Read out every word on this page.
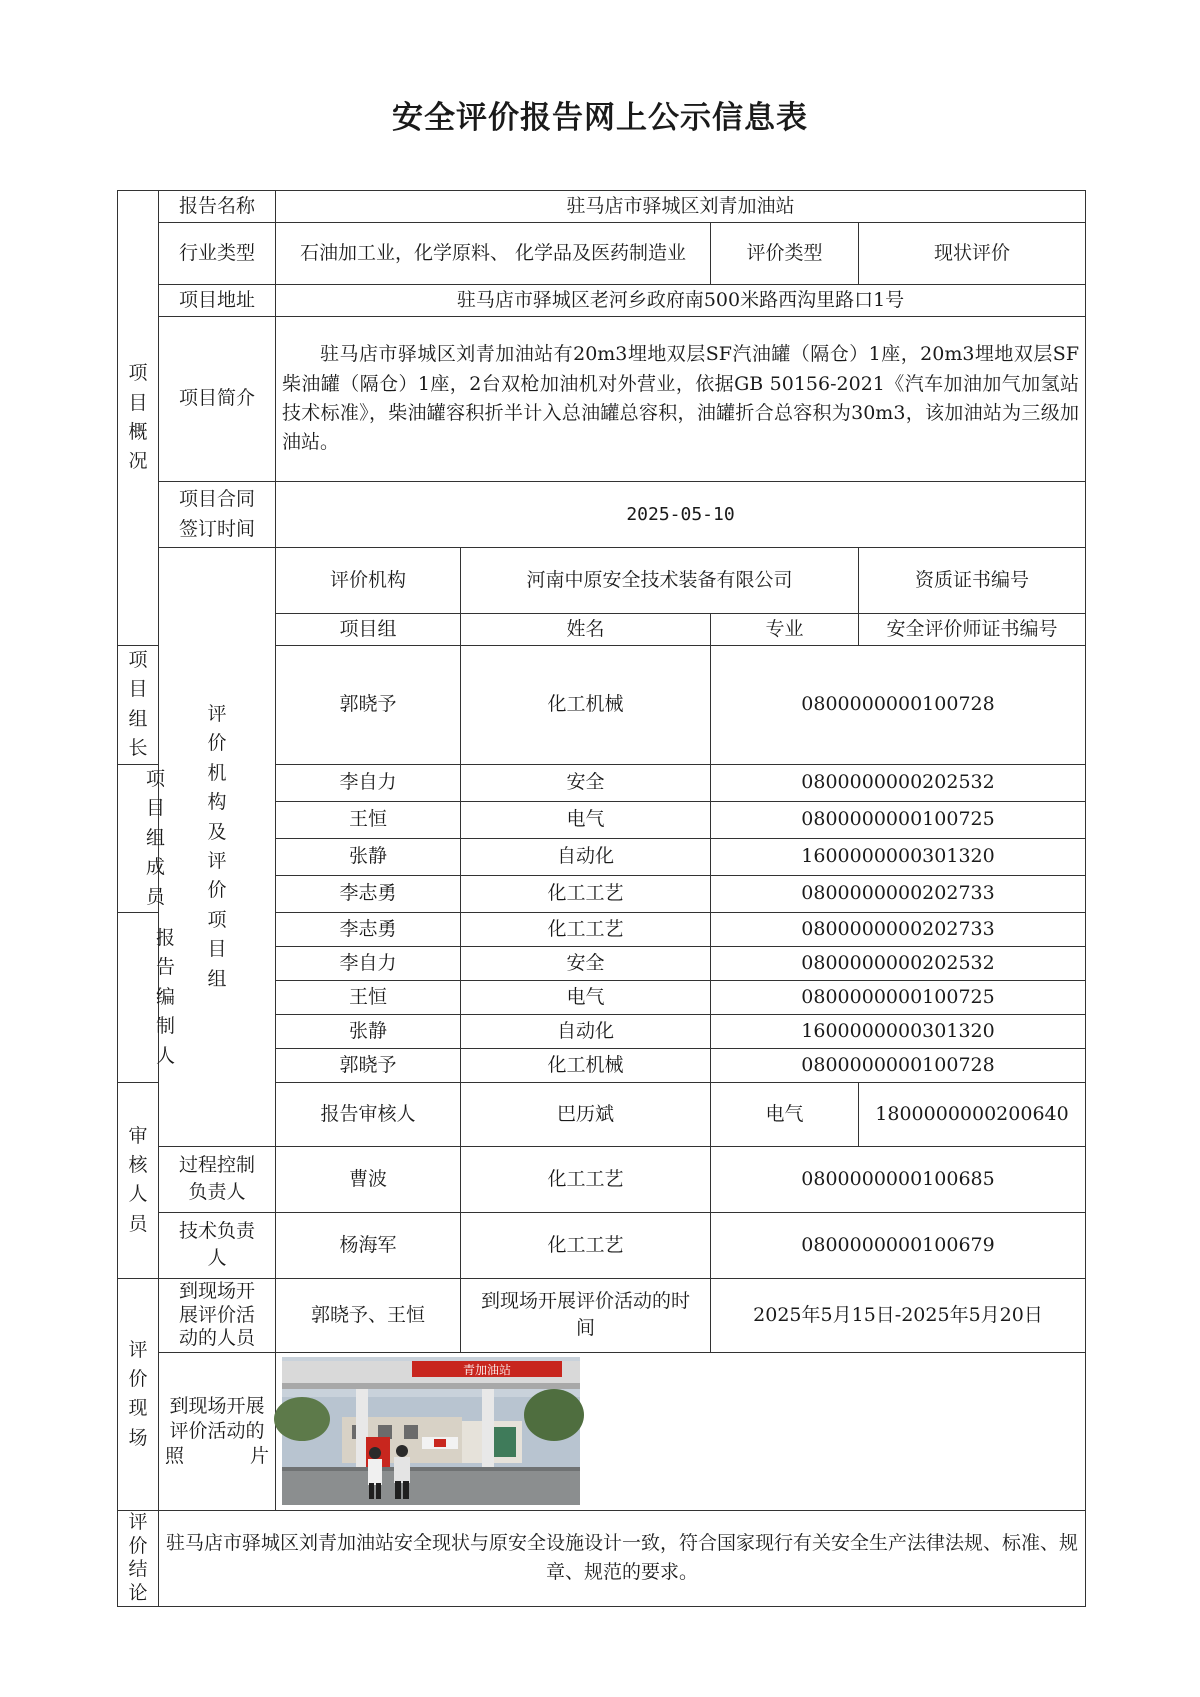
安全评价报告网上公示信息表
项目概况	报告名称	驻马店市驿城区刘青加油站				
	行业类型	石油加工业，化学原料、 化学品及医药制造业		评价类型	现状评价	
	项目地址	驻马店市驿城区老河乡政府南500米路西沟里路口1号				
	项目简介	驻马店市驿城区刘青加油站有20m3埋地双层SF汽油罐（隔仓）1座，20m3埋地双层SF柴油罐（隔仓）1座，2台双枪加油机对外营业，依据GB 50156-2021《汽车加油加气加氢站技术标准》，柴油罐容积折半计入总油罐总容积，油罐折合总容积为30m3，该加油站为三级加油站。				

	项目合同签订时间	2025-05-10				
	评价机构及评价项目组	评价机构	河南中原安全技术装备有限公司		资质证书编号	
		项目组	姓名	专业	安全评价师证书编号	
项目组长		郭晓予	化工机械	0800000000100728		
项目组成员		李自力	安全	0800000000202532		
		王恒	电气	0800000000100725		
		张静	自动化	1600000000301320		
		李志勇	化工工艺	0800000000202733		
报告编制人		李志勇	化工工艺	0800000000202733		
		李自力	安全	0800000000202532		
		王恒	电气	0800000000100725		
		张静	自动化	1600000000301320		
		郭晓予	化工机械	0800000000100728		
审核人员		报告审核人	巴历斌	电气	1800000000200640	
	过程控制负责人	曹波	化工工艺	0800000000100685		
	技术负责人	杨海军	化工工艺	0800000000100679		
评价现场	到现场开展评价活动的人员	郭晓予、王恒	到现场开展评价活动的时间	2025年5月15日-2025年5月20日		
	到现场开展评价活动的照片	青加油站				

评价结论	驻马店市驿城区刘青加油站安全现状与原安全设施设计一致，符合国家现行有关安全生产法律法规、标准、规章、规范的要求。					
